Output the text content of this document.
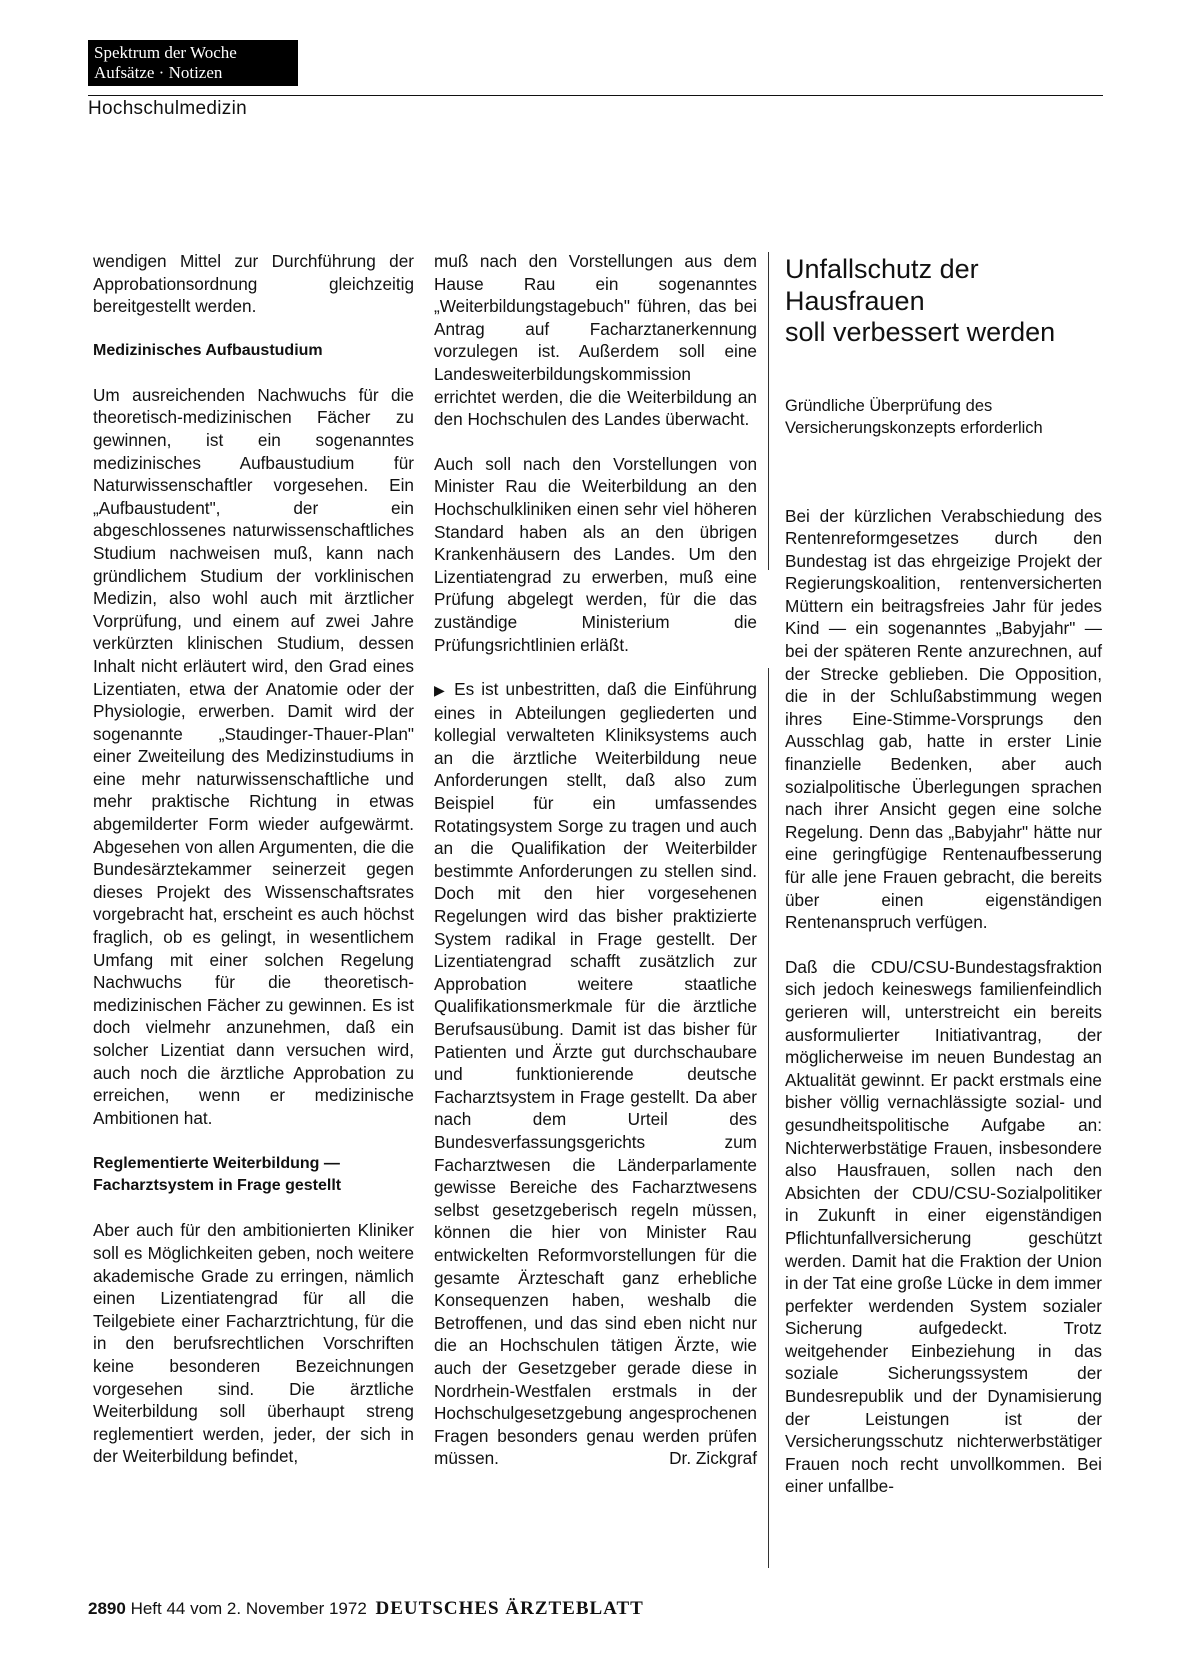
Spektrum der Woche
Aufsätze · Notizen
Hochschulmedizin

wendigen Mittel zur Durchführung der Approbationsordnung gleichzeitig bereitgestellt werden.

Medizinisches Aufbaustudium

Um ausreichenden Nachwuchs für die theoretisch-medizinischen Fächer zu gewinnen, ist ein sogenanntes medizinisches Aufbaustudium für Naturwissenschaftler vorgesehen. Ein „Aufbaustudent", der ein abgeschlossenes naturwissenschaftliches Studium nachweisen muß, kann nach gründlichem Studium der vorklinischen Medizin, also wohl auch mit ärztlicher Vorprüfung, und einem auf zwei Jahre verkürzten klinischen Studium, dessen Inhalt nicht erläutert wird, den Grad eines Lizentiaten, etwa der Anatomie oder der Physiologie, erwerben. Damit wird der sogenannte „Staudinger-Thauer-Plan" einer Zweiteilung des Medizinstudiums in eine mehr naturwissenschaftliche und mehr praktische Richtung in etwas abgemilderter Form wieder aufgewärmt. Abgesehen von allen Argumenten, die die Bundesärztekammer seinerzeit gegen dieses Projekt des Wissenschaftsrates vorgebracht hat, erscheint es auch höchst fraglich, ob es gelingt, in wesentlichem Umfang mit einer solchen Regelung Nachwuchs für die theoretisch-medizinischen Fächer zu gewinnen. Es ist doch vielmehr anzunehmen, daß ein solcher Lizentiat dann versuchen wird, auch noch die ärztliche Approbation zu erreichen, wenn er medizinische Ambitionen hat.

Reglementierte Weiterbildung —
Facharztsystem in Frage gestellt

Aber auch für den ambitionierten Kliniker soll es Möglichkeiten geben, noch weitere akademische Grade zu erringen, nämlich einen Lizentiatengrad für all die Teilgebiete einer Facharztrichtung, für die in den berufsrechtlichen Vorschriften keine besonderen Bezeichnungen vorgesehen sind. Die ärztliche Weiterbildung soll überhaupt streng reglementiert werden, jeder, der sich in der Weiterbildung befindet,

muß nach den Vorstellungen aus dem Hause Rau ein sogenanntes „Weiterbildungstagebuch" führen, das bei Antrag auf Facharztanerkennung vorzulegen ist. Außerdem soll eine Landesweiterbildungskommission errichtet werden, die die Weiterbildung an den Hochschulen des Landes überwacht.

Auch soll nach den Vorstellungen von Minister Rau die Weiterbildung an den Hochschulkliniken einen sehr viel höheren Standard haben als an den übrigen Krankenhäusern des Landes. Um den Lizentiatengrad zu erwerben, muß eine Prüfung abgelegt werden, für die das zuständige Ministerium die Prüfungsrichtlinien erläßt.

▶ Es ist unbestritten, daß die Einführung eines in Abteilungen gegliederten und kollegial verwalteten Kliniksystems auch an die ärztliche Weiterbildung neue Anforderungen stellt, daß also zum Beispiel für ein umfassendes Rotatingsystem Sorge zu tragen und auch an die Qualifikation der Weiterbilder bestimmte Anforderungen zu stellen sind. Doch mit den hier vorgesehenen Regelungen wird das bisher praktizierte System radikal in Frage gestellt. Der Lizentiatengrad schafft zusätzlich zur Approbation weitere staatliche Qualifikationsmerkmale für die ärztliche Berufsausübung. Damit ist das bisher für Patienten und Ärzte gut durchschaubare und funktionierende deutsche Facharztsystem in Frage gestellt. Da aber nach dem Urteil des Bundesverfassungsgerichts zum Facharztwesen die Länderparlamente gewisse Bereiche des Facharztwesens selbst gesetzgeberisch regeln müssen, können die hier von Minister Rau entwickelten Reformvorstellungen für die gesamte Ärzteschaft ganz erhebliche Konsequenzen haben, weshalb die Betroffenen, und das sind eben nicht nur die an Hochschulen tätigen Ärzte, wie auch der Gesetzgeber gerade diese in Nordrhein-Westfalen erstmals in der Hochschulgesetzgebung angesprochenen Fragen besonders genau werden prüfen müssen.	Dr. Zickgraf

Unfallschutz der
Hausfrauen
soll verbessert werden
Gründliche Überprüfung des
Versicherungskonzepts erforderlich

Bei der kürzlichen Verabschiedung des Rentenreformgesetzes durch den Bundestag ist das ehrgeizige Projekt der Regierungskoalition, rentenversicherten Müttern ein beitragsfreies Jahr für jedes Kind — ein sogenanntes „Babyjahr" — bei der späteren Rente anzurechnen, auf der Strecke geblieben. Die Opposition, die in der Schlußabstimmung wegen ihres Eine-Stimme-Vorsprungs den Ausschlag gab, hatte in erster Linie finanzielle Bedenken, aber auch sozialpolitische Überlegungen sprachen nach ihrer Ansicht gegen eine solche Regelung. Denn das „Babyjahr" hätte nur eine geringfügige Rentenaufbesserung für alle jene Frauen gebracht, die bereits über einen eigenständigen Rentenanspruch verfügen.

Daß die CDU/CSU-Bundestagsfraktion sich jedoch keineswegs familienfeindlich gerieren will, unterstreicht ein bereits ausformulierter Initiativantrag, der möglicherweise im neuen Bundestag an Aktualität gewinnt. Er packt erstmals eine bisher völlig vernachlässigte sozial- und gesundheitspolitische Aufgabe an: Nichterwerbstätige Frauen, insbesondere also Hausfrauen, sollen nach den Absichten der CDU/CSU-Sozialpolitiker in Zukunft in einer eigenständigen Pflichtunfallversicherung geschützt werden. Damit hat die Fraktion der Union in der Tat eine große Lücke in dem immer perfekter werdenden System sozialer Sicherung aufgedeckt. Trotz weitgehender Einbeziehung in das soziale Sicherungssystem der Bundesrepublik und der Dynamisierung der Leistungen ist der Versicherungsschutz nichterwerbstätiger Frauen noch recht unvollkommen. Bei einer unfallbe-

2890 Heft 44 vom 2. November 1972 DEUTSCHES ÄRZTEBLATT
